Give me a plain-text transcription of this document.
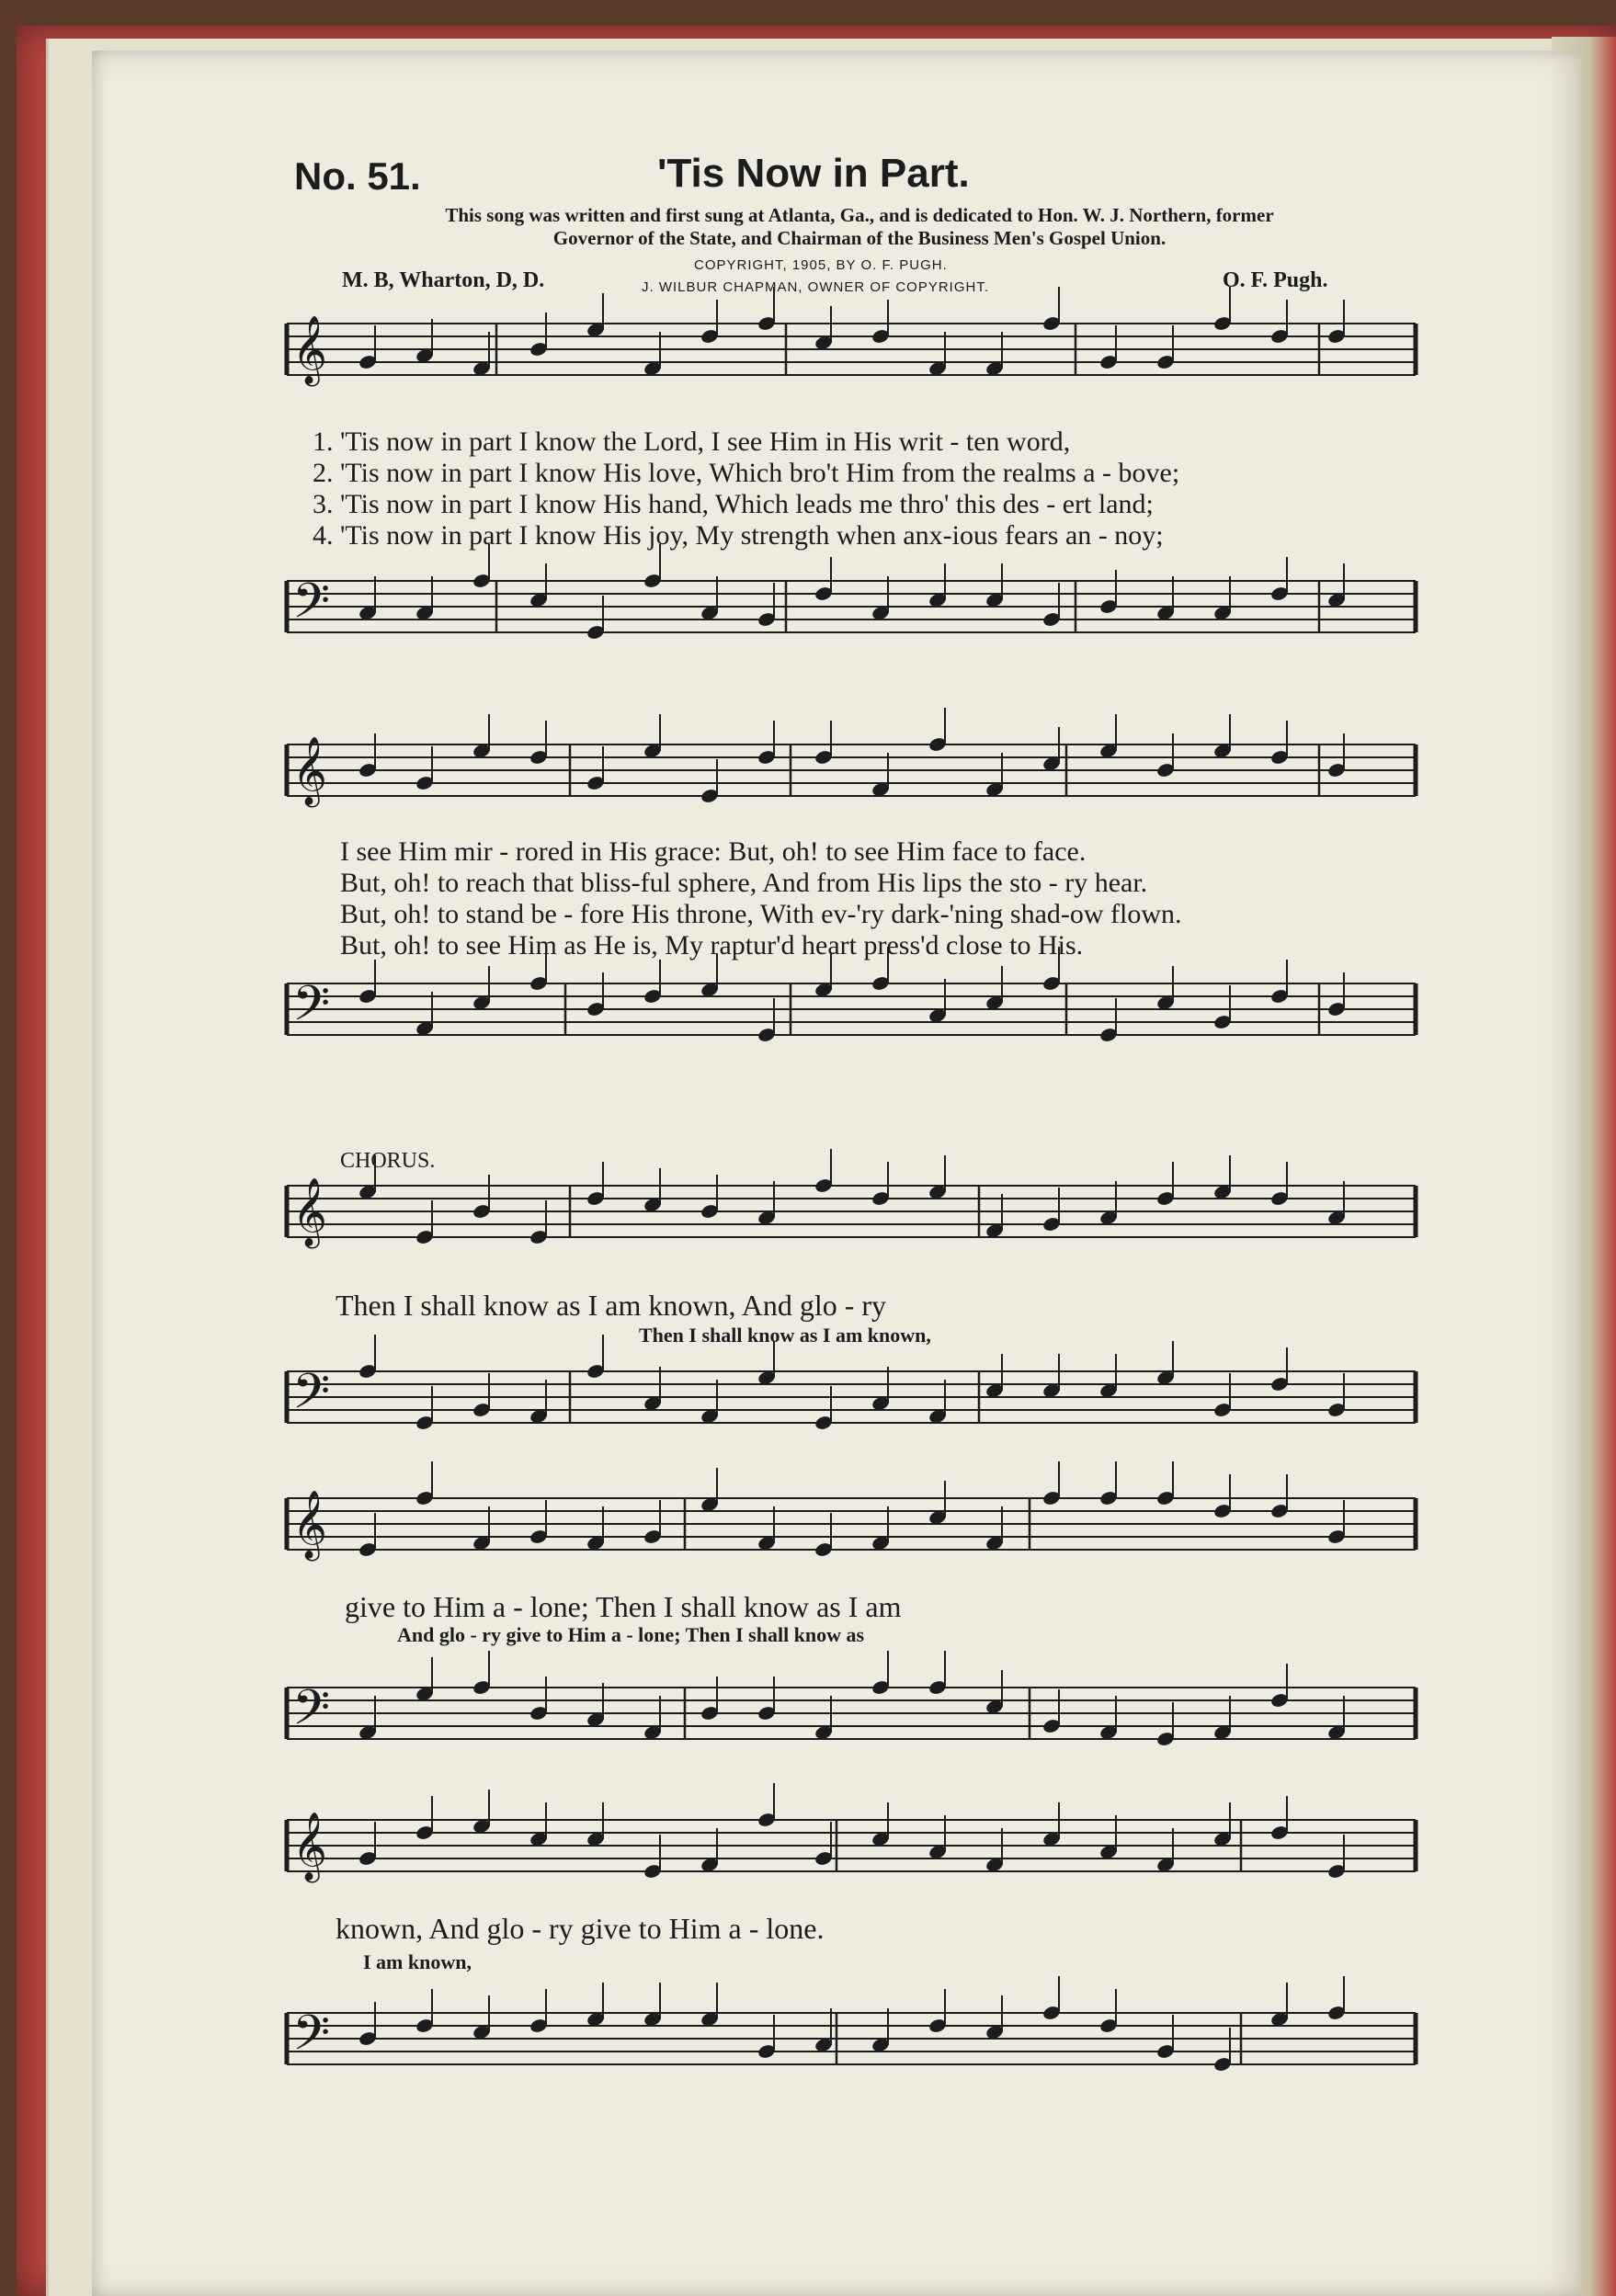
No. 51.	'Tis Now in Part.
This song was written and first sung at Atlanta, Ga., and is dedicated to Hon. W. J. Northern, former
Governor of the State, and Chairman of the Business Men's Gospel Union.
COPYRIGHT, 1905, BY O. F. PUGH.
M. B, Wharton, D, D.	J. WILBUR CHAPMAN, OWNER OF COPYRIGHT.	O. F. Pugh.
1. 'Tis now in part I know the Lord, I see Him in His writ - ten word,
2. 'Tis now in part I know His love, Which bro't Him from the realms a - bove;
3. 'Tis now in part I know His hand, Which leads me thro' this des - ert land;
4. 'Tis now in part I know His joy, My strength when anx-ious fears an - noy;
I see Him mir - rored in His grace: But, oh! to see Him face to face.
But, oh! to reach that bliss-ful sphere, And from His lips the sto - ry hear.
But, oh! to stand be - fore His throne, With ev-'ry dark-'ning shad-ow flown.
But, oh! to see Him as He is, My raptur'd heart press'd close to His.
CHORUS.
Then I shall know as I am known, And glo - ry
Then I shall know as I am known,
give to Him a - lone; Then I shall know as I am
And glo - ry give to Him a - lone; Then I shall know as
known, And glo - ry give to Him a - lone.
I am known,
𝄞
𝄢
𝄞
𝄢
𝄞
𝄢
𝄞
𝄢
𝄞
𝄢
